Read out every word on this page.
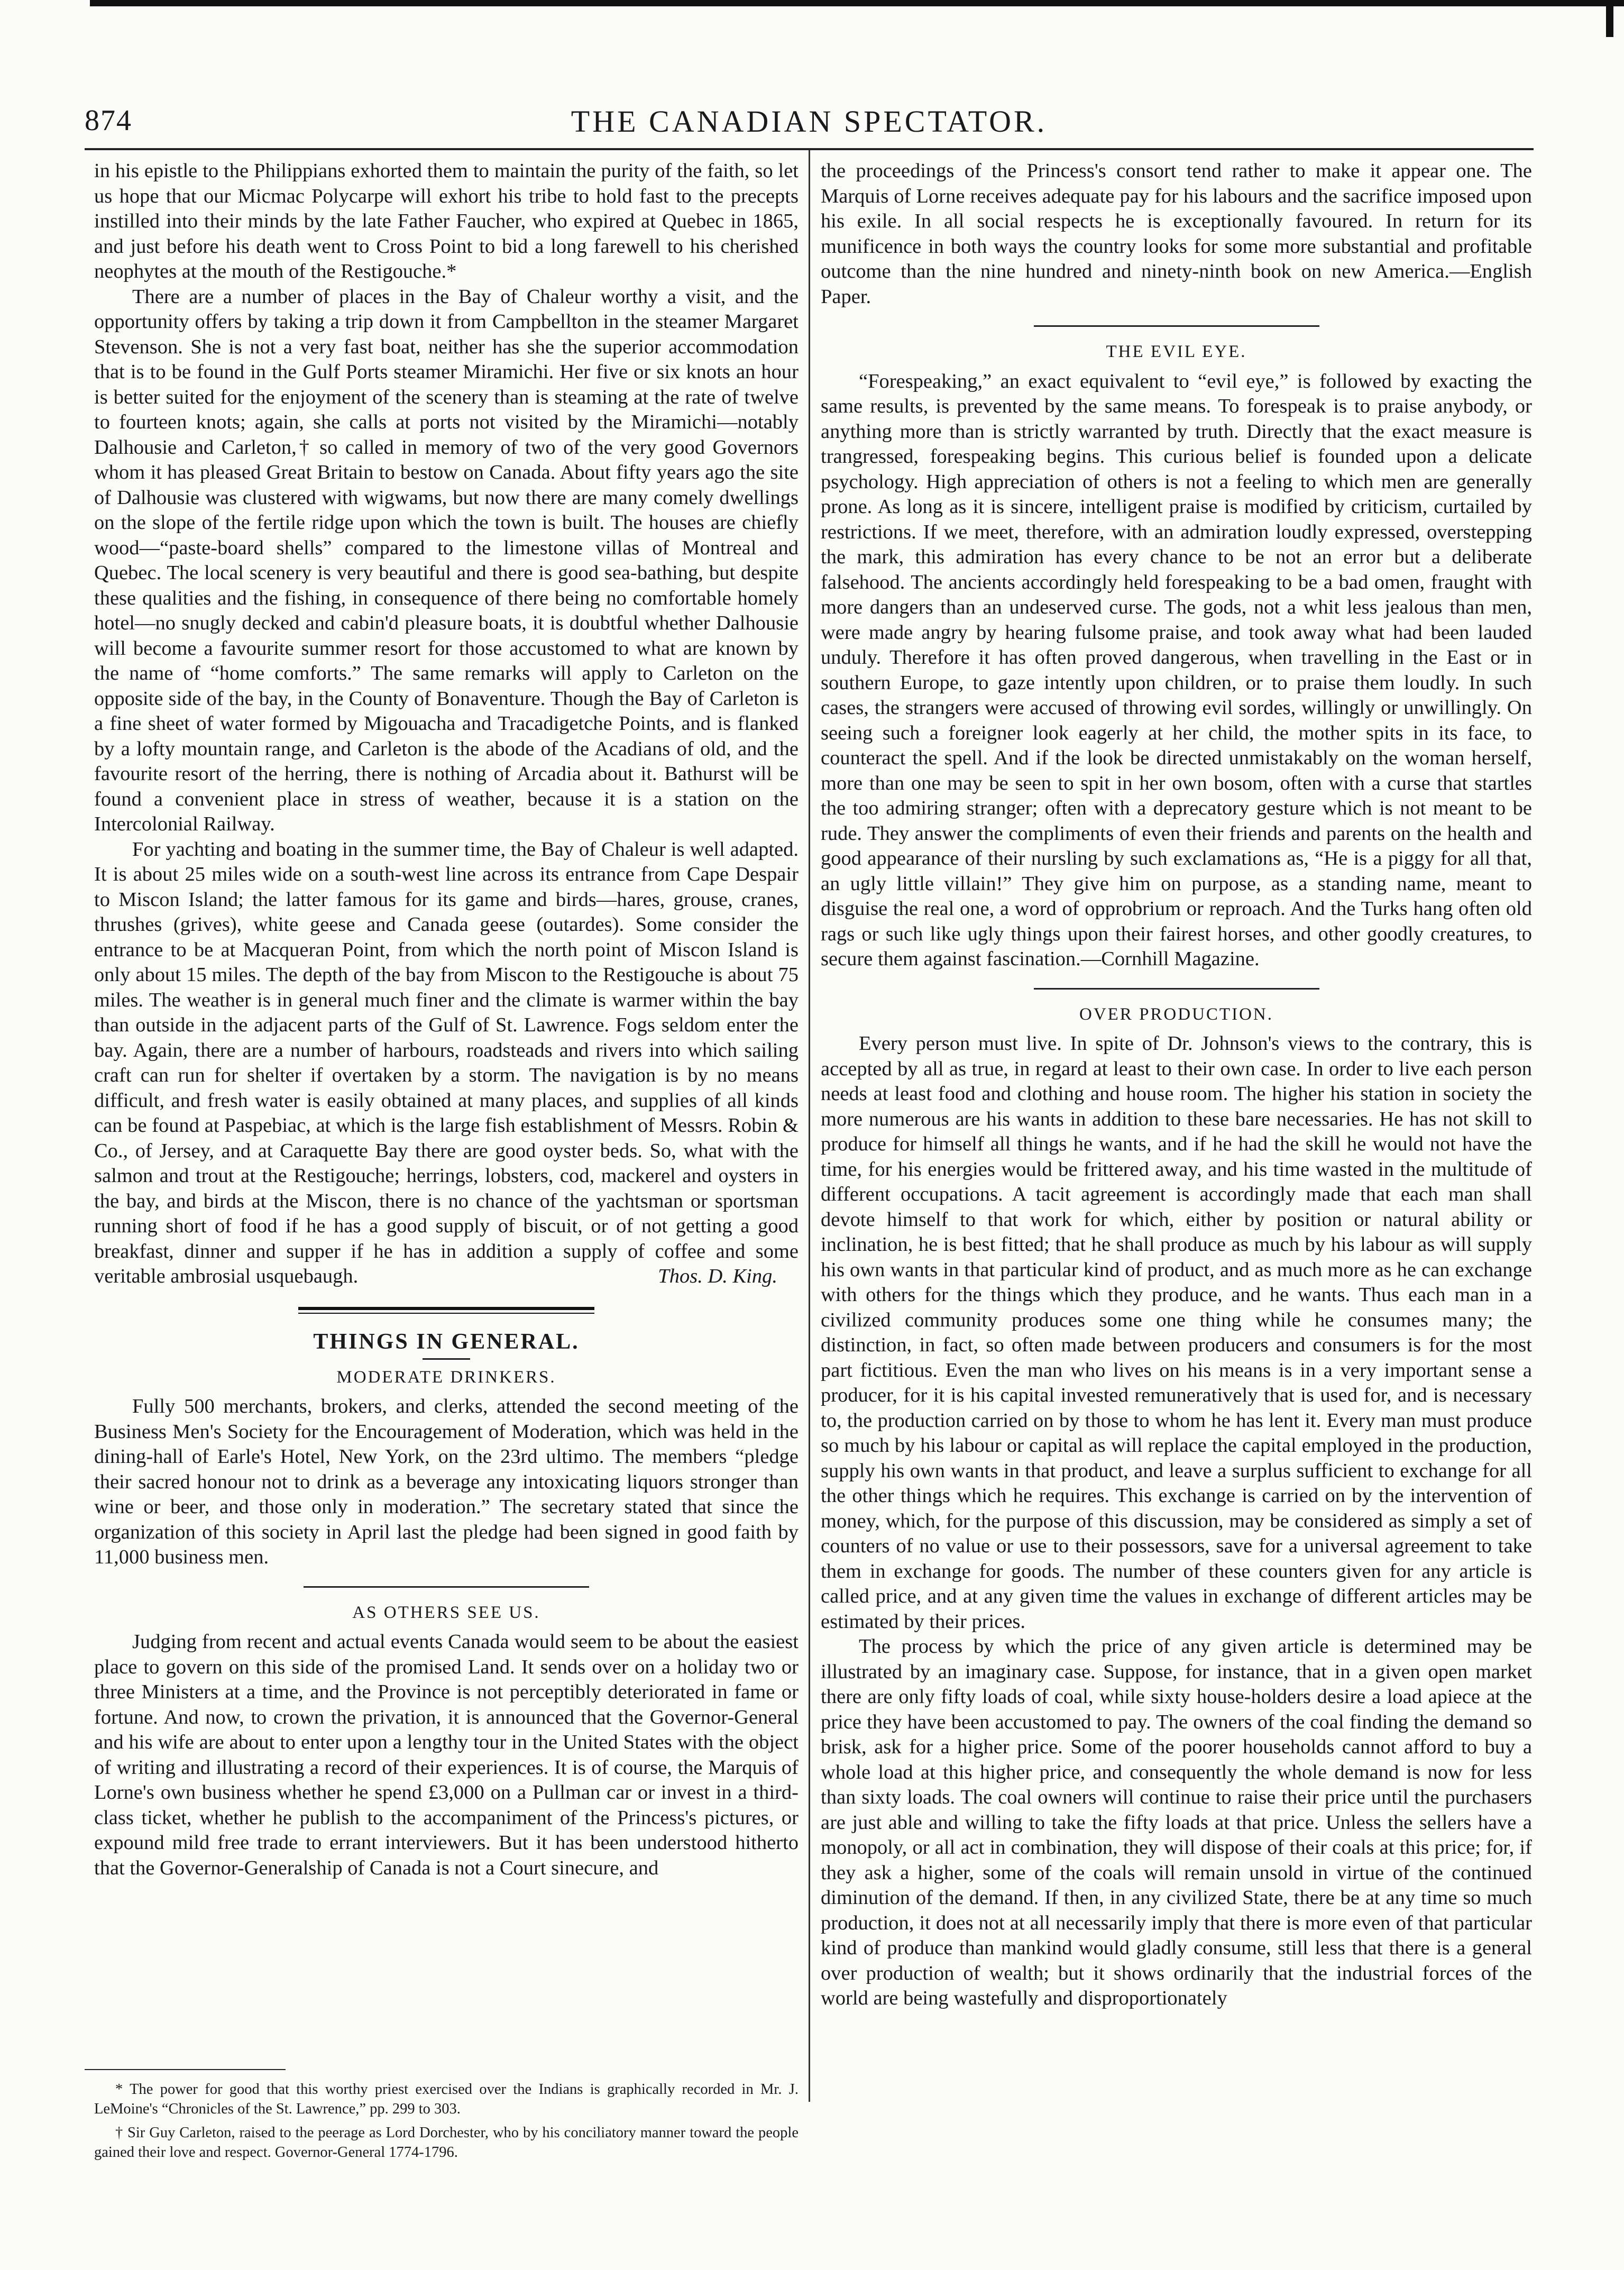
874	THE CANADIAN SPECTATOR.

in his epistle to the Philippians exhorted them to maintain the purity of the faith, so let us hope that our Micmac Polycarpe will exhort his tribe to hold fast to the precepts instilled into their minds by the late Father Faucher, who expired at Quebec in 1865, and just before his death went to Cross Point to bid a long farewell to his cherished neophytes at the mouth of the Restigouche.*

There are a number of places in the Bay of Chaleur worthy a visit, and the opportunity offers by taking a trip down it from Campbellton in the steamer Margaret Stevenson. She is not a very fast boat, neither has she the superior accommodation that is to be found in the Gulf Ports steamer Miramichi. Her five or six knots an hour is better suited for the enjoyment of the scenery than is steaming at the rate of twelve to fourteen knots; again, she calls at ports not visited by the Miramichi—notably Dalhousie and Carleton,† so called in memory of two of the very good Governors whom it has pleased Great Britain to bestow on Canada. About fifty years ago the site of Dalhousie was clustered with wigwams, but now there are many comely dwellings on the slope of the fertile ridge upon which the town is built. The houses are chiefly wood—“paste-board shells” compared to the limestone villas of Montreal and Quebec. The local scenery is very beautiful and there is good sea-bathing, but despite these qualities and the fishing, in consequence of there being no comfortable homely hotel—no snugly decked and cabin'd pleasure boats, it is doubtful whether Dalhousie will become a favourite summer resort for those accustomed to what are known by the name of “home comforts.” The same remarks will apply to Carleton on the opposite side of the bay, in the County of Bonaventure. Though the Bay of Carleton is a fine sheet of water formed by Migouacha and Tracadigetche Points, and is flanked by a lofty mountain range, and Carleton is the abode of the Acadians of old, and the favourite resort of the herring, there is nothing of Arcadia about it. Bathurst will be found a convenient place in stress of weather, because it is a station on the Intercolonial Railway.

For yachting and boating in the summer time, the Bay of Chaleur is well adapted. It is about 25 miles wide on a south-west line across its entrance from Cape Despair to Miscon Island; the latter famous for its game and birds—hares, grouse, cranes, thrushes (grives), white geese and Canada geese (outardes). Some consider the entrance to be at Macqueran Point, from which the north point of Miscon Island is only about 15 miles. The depth of the bay from Miscon to the Restigouche is about 75 miles. The weather is in general much finer and the climate is warmer within the bay than outside in the adjacent parts of the Gulf of St. Lawrence. Fogs seldom enter the bay. Again, there are a number of harbours, roadsteads and rivers into which sailing craft can run for shelter if overtaken by a storm. The navigation is by no means difficult, and fresh water is easily obtained at many places, and supplies of all kinds can be found at Paspebiac, at which is the large fish establishment of Messrs. Robin & Co., of Jersey, and at Caraquette Bay there are good oyster beds. So, what with the salmon and trout at the Restigouche; herrings, lobsters, cod, mackerel and oysters in the bay, and birds at the Miscon, there is no chance of the yachtsman or sportsman running short of food if he has a good supply of biscuit, or of not getting a good breakfast, dinner and supper if he has in addition a supply of coffee and some veritable ambrosial usquebaugh.	Thos. D. King.
THINGS IN GENERAL.
MODERATE DRINKERS.

Fully 500 merchants, brokers, and clerks, attended the second meeting of the Business Men's Society for the Encouragement of Moderation, which was held in the dining-hall of Earle's Hotel, New York, on the 23rd ultimo. The members “pledge their sacred honour not to drink as a beverage any intoxicating liquors stronger than wine or beer, and those only in moderation.” The secretary stated that since the organization of this society in April last the pledge had been signed in good faith by 11,000 business men.

AS OTHERS SEE US.

Judging from recent and actual events Canada would seem to be about the easiest place to govern on this side of the promised Land. It sends over on a holiday two or three Ministers at a time, and the Province is not perceptibly deteriorated in fame or fortune. And now, to crown the privation, it is announced that the Governor-General and his wife are about to enter upon a lengthy tour in the United States with the object of writing and illustrating a record of their experiences. It is of course, the Marquis of Lorne's own business whether he spend £3,000 on a Pullman car or invest in a third-class ticket, whether he publish to the accompaniment of the Princess's pictures, or expound mild free trade to errant interviewers. But it has been understood hitherto that the Governor-Generalship of Canada is not a Court sinecure, and

the proceedings of the Princess's consort tend rather to make it appear one. The Marquis of Lorne receives adequate pay for his labours and the sacrifice imposed upon his exile. In all social respects he is exceptionally favoured. In return for its munificence in both ways the country looks for some more substantial and profitable outcome than the nine hundred and ninety-ninth book on new America.—English Paper.

THE EVIL EYE.

“Forespeaking,” an exact equivalent to “evil eye,” is followed by exacting the same results, is prevented by the same means. To forespeak is to praise anybody, or anything more than is strictly warranted by truth. Directly that the exact measure is trangressed, forespeaking begins. This curious belief is founded upon a delicate psychology. High appreciation of others is not a feeling to which men are generally prone. As long as it is sincere, intelligent praise is modified by criticism, curtailed by restrictions. If we meet, therefore, with an admiration loudly expressed, overstepping the mark, this admiration has every chance to be not an error but a deliberate falsehood. The ancients accordingly held forespeaking to be a bad omen, fraught with more dangers than an undeserved curse. The gods, not a whit less jealous than men, were made angry by hearing fulsome praise, and took away what had been lauded unduly. Therefore it has often proved dangerous, when travelling in the East or in southern Europe, to gaze intently upon children, or to praise them loudly. In such cases, the strangers were accused of throwing evil sordes, willingly or unwillingly. On seeing such a foreigner look eagerly at her child, the mother spits in its face, to counteract the spell. And if the look be directed unmistakably on the woman herself, more than one may be seen to spit in her own bosom, often with a curse that startles the too admiring stranger; often with a deprecatory gesture which is not meant to be rude. They answer the compliments of even their friends and parents on the health and good appearance of their nursling by such exclamations as, “He is a piggy for all that, an ugly little villain!” They give him on purpose, as a standing name, meant to disguise the real one, a word of opprobrium or reproach. And the Turks hang often old rags or such like ugly things upon their fairest horses, and other goodly creatures, to secure them against fascination.—Cornhill Magazine.

OVER PRODUCTION.

Every person must live. In spite of Dr. Johnson's views to the contrary, this is accepted by all as true, in regard at least to their own case. In order to live each person needs at least food and clothing and house room. The higher his station in society the more numerous are his wants in addition to these bare necessaries. He has not skill to produce for himself all things he wants, and if he had the skill he would not have the time, for his energies would be frittered away, and his time wasted in the multitude of different occupations. A tacit agreement is accordingly made that each man shall devote himself to that work for which, either by position or natural ability or inclination, he is best fitted; that he shall produce as much by his labour as will supply his own wants in that particular kind of product, and as much more as he can exchange with others for the things which they produce, and he wants. Thus each man in a civilized community produces some one thing while he consumes many; the distinction, in fact, so often made between producers and consumers is for the most part fictitious. Even the man who lives on his means is in a very important sense a producer, for it is his capital invested remuneratively that is used for, and is necessary to, the production carried on by those to whom he has lent it. Every man must produce so much by his labour or capital as will replace the capital employed in the production, supply his own wants in that product, and leave a surplus sufficient to exchange for all the other things which he requires. This exchange is carried on by the intervention of money, which, for the purpose of this discussion, may be considered as simply a set of counters of no value or use to their possessors, save for a universal agreement to take them in exchange for goods. The number of these counters given for any article is called price, and at any given time the values in exchange of different articles may be estimated by their prices.

The process by which the price of any given article is determined may be illustrated by an imaginary case. Suppose, for instance, that in a given open market there are only fifty loads of coal, while sixty house-holders desire a load apiece at the price they have been accustomed to pay. The owners of the coal finding the demand so brisk, ask for a higher price. Some of the poorer households cannot afford to buy a whole load at this higher price, and consequently the whole demand is now for less than sixty loads. The coal owners will continue to raise their price until the purchasers are just able and willing to take the fifty loads at that price. Unless the sellers have a monopoly, or all act in combination, they will dispose of their coals at this price; for, if they ask a higher, some of the coals will remain unsold in virtue of the continued diminution of the demand. If then, in any civilized State, there be at any time so much production, it does not at all necessarily imply that there is more even of that particular kind of produce than mankind would gladly consume, still less that there is a general over production of wealth; but it shows ordinarily that the industrial forces of the world are being wastefully and disproportionately

* The power for good that this worthy priest exercised over the Indians is graphically recorded in Mr. J. LeMoine's “Chronicles of the St. Lawrence,” pp. 299 to 303.

† Sir Guy Carleton, raised to the peerage as Lord Dorchester, who by his conciliatory manner toward the people gained their love and respect. Governor-General 1774-1796.
